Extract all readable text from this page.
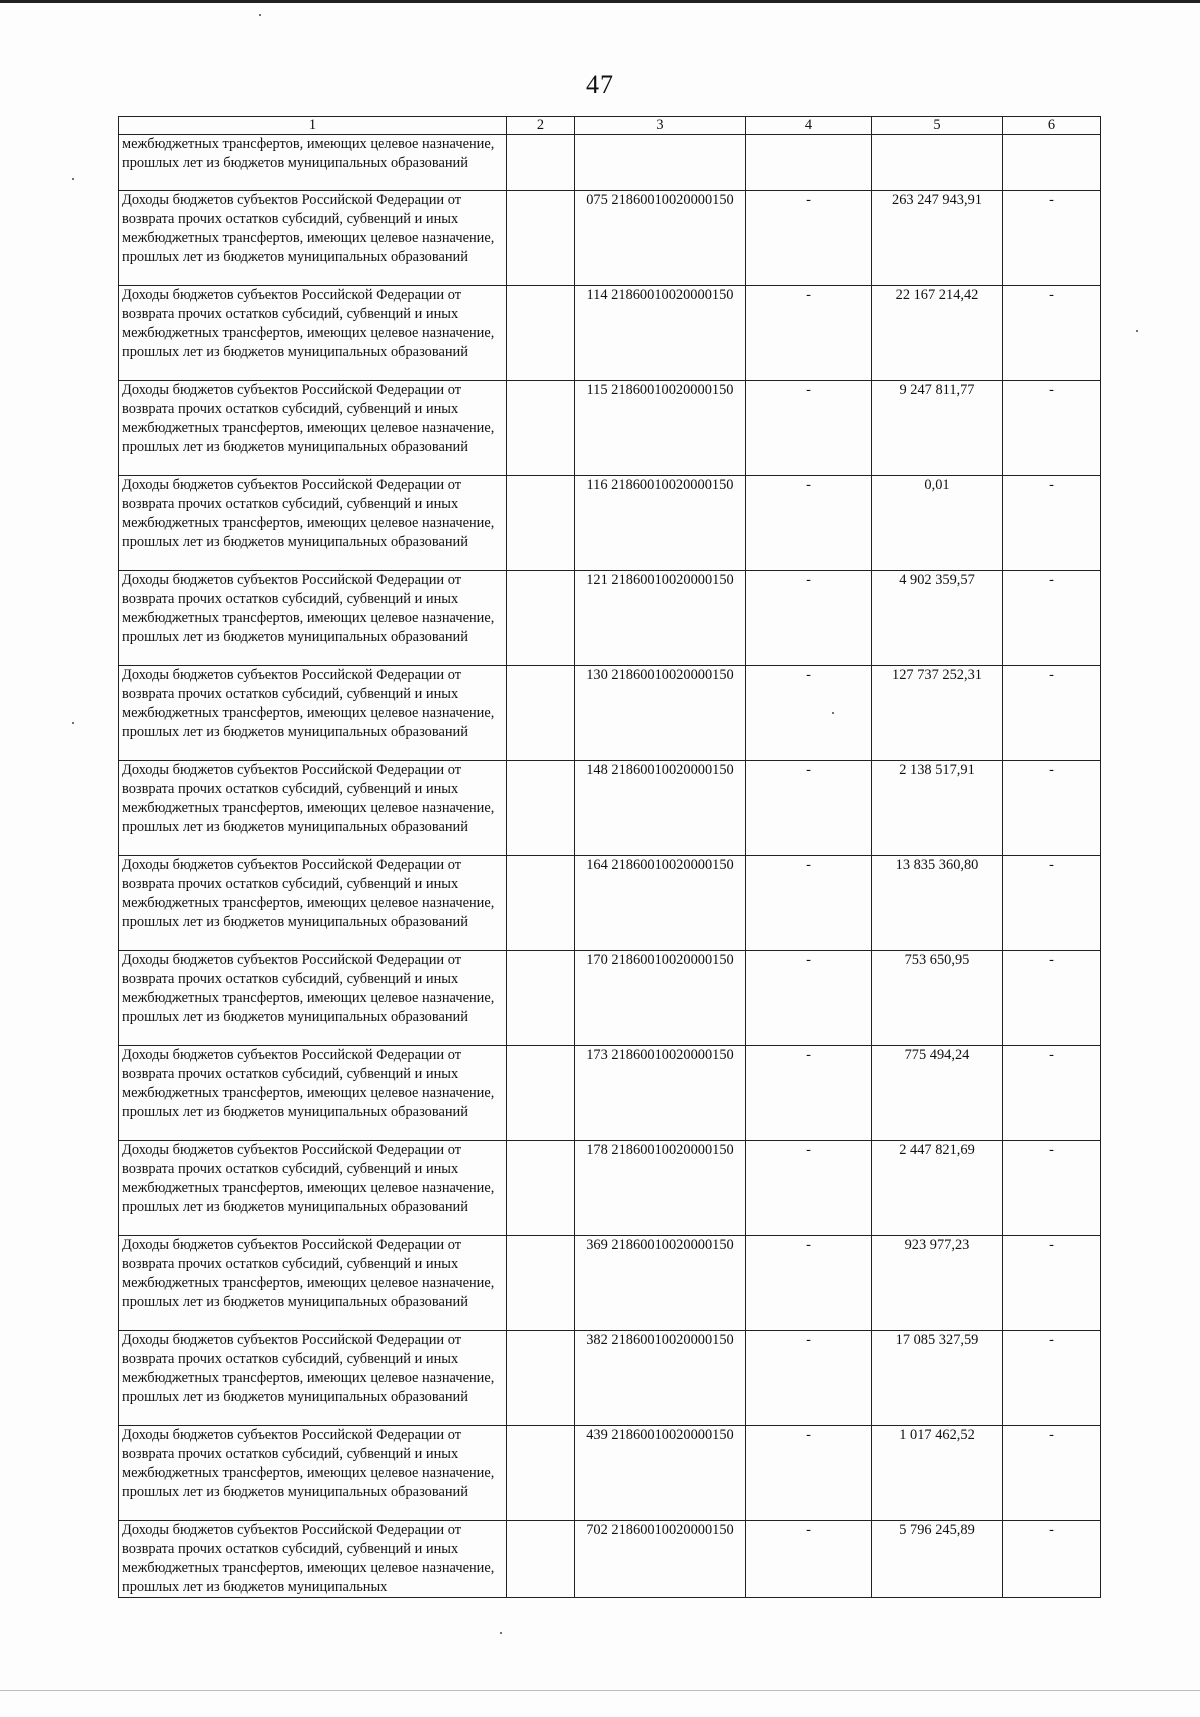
47
1	2	3	4	5	6
межбюджетных трансфертов, имеющих целевое назначение, прошлых лет из бюджетов муниципальных образований					
Доходы бюджетов субъектов Российской Федерации от возврата прочих остатков субсидий, субвенций и иных межбюджетных трансфертов, имеющих целевое назначение, прошлых лет из бюджетов муниципальных образований		075 21860010020000150	-	263 247 943,91	-
Доходы бюджетов субъектов Российской Федерации от возврата прочих остатков субсидий, субвенций и иных межбюджетных трансфертов, имеющих целевое назначение, прошлых лет из бюджетов муниципальных образований		114 21860010020000150	-	22 167 214,42	-
Доходы бюджетов субъектов Российской Федерации от возврата прочих остатков субсидий, субвенций и иных межбюджетных трансфертов, имеющих целевое назначение, прошлых лет из бюджетов муниципальных образований		115 21860010020000150	-	9 247 811,77	-
Доходы бюджетов субъектов Российской Федерации от возврата прочих остатков субсидий, субвенций и иных межбюджетных трансфертов, имеющих целевое назначение, прошлых лет из бюджетов муниципальных образований		116 21860010020000150	-	0,01	-
Доходы бюджетов субъектов Российской Федерации от возврата прочих остатков субсидий, субвенций и иных межбюджетных трансфертов, имеющих целевое назначение, прошлых лет из бюджетов муниципальных образований		121 21860010020000150	-	4 902 359,57	-
Доходы бюджетов субъектов Российской Федерации от возврата прочих остатков субсидий, субвенций и иных межбюджетных трансфертов, имеющих целевое назначение, прошлых лет из бюджетов муниципальных образований		130 21860010020000150	-	127 737 252,31	-
Доходы бюджетов субъектов Российской Федерации от возврата прочих остатков субсидий, субвенций и иных межбюджетных трансфертов, имеющих целевое назначение, прошлых лет из бюджетов муниципальных образований		148 21860010020000150	-	2 138 517,91	-
Доходы бюджетов субъектов Российской Федерации от возврата прочих остатков субсидий, субвенций и иных межбюджетных трансфертов, имеющих целевое назначение, прошлых лет из бюджетов муниципальных образований		164 21860010020000150	-	13 835 360,80	-
Доходы бюджетов субъектов Российской Федерации от возврата прочих остатков субсидий, субвенций и иных межбюджетных трансфертов, имеющих целевое назначение, прошлых лет из бюджетов муниципальных образований		170 21860010020000150	-	753 650,95	-
Доходы бюджетов субъектов Российской Федерации от возврата прочих остатков субсидий, субвенций и иных межбюджетных трансфертов, имеющих целевое назначение, прошлых лет из бюджетов муниципальных образований		173 21860010020000150	-	775 494,24	-
Доходы бюджетов субъектов Российской Федерации от возврата прочих остатков субсидий, субвенций и иных межбюджетных трансфертов, имеющих целевое назначение, прошлых лет из бюджетов муниципальных образований		178 21860010020000150	-	2 447 821,69	-
Доходы бюджетов субъектов Российской Федерации от возврата прочих остатков субсидий, субвенций и иных межбюджетных трансфертов, имеющих целевое назначение, прошлых лет из бюджетов муниципальных образований		369 21860010020000150	-	923 977,23	-
Доходы бюджетов субъектов Российской Федерации от возврата прочих остатков субсидий, субвенций и иных межбюджетных трансфертов, имеющих целевое назначение, прошлых лет из бюджетов муниципальных образований		382 21860010020000150	-	17 085 327,59	-
Доходы бюджетов субъектов Российской Федерации от возврата прочих остатков субсидий, субвенций и иных межбюджетных трансфертов, имеющих целевое назначение, прошлых лет из бюджетов муниципальных образований		439 21860010020000150	-	1 017 462,52	-
Доходы бюджетов субъектов Российской Федерации от возврата прочих остатков субсидий, субвенций и иных межбюджетных трансфертов, имеющих целевое назначение, прошлых лет из бюджетов муниципальных		702 21860010020000150	-	5 796 245,89	-
